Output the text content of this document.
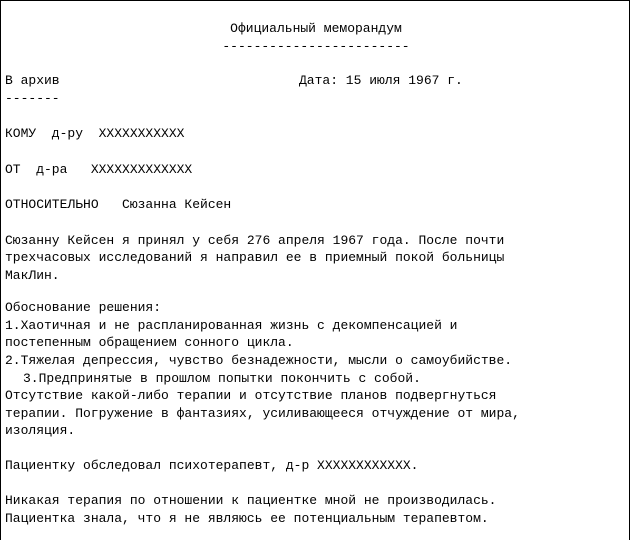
Официальный меморандум
------------------------
В архив	Дата: 15 июля 1967 г.
-------
КОМУ  д-ру  ХХХХХХХХХХХ
ОТ  д-ра   ХХХХХХХХХХХХХ
ОТНОСИТЕЛЬНО   Сюзанна Кейсен
Сюзанну Кейсен я принял у себя 276 апреля 1967 года. После почти
трехчасовых исследований я направил ее в приемный покой больницы
МакЛин.
Обоснование решения:
1.Хаотичная и не распланированная жизнь с декомпенсацией и
постепенным обращением сонного цикла.
2.Тяжелая депрессия, чувство безнадежности, мысли о самоубийстве.
3.Предпринятые в прошлом попытки покончить с собой.
Отсутствие какой-либо терапии и отсутствие планов подвергнуться
терапии. Погружение в фантазиях, усиливающееся отчуждение от мира,
изоляция.
Пациентку обследовал психотерапевт, д-р ХХХХХХХХХХХХ.
Никакая терапия по отношении к пациентке мной не производилась.
Пациентка знала, что я не являюсь ее потенциальным терапевтом.
